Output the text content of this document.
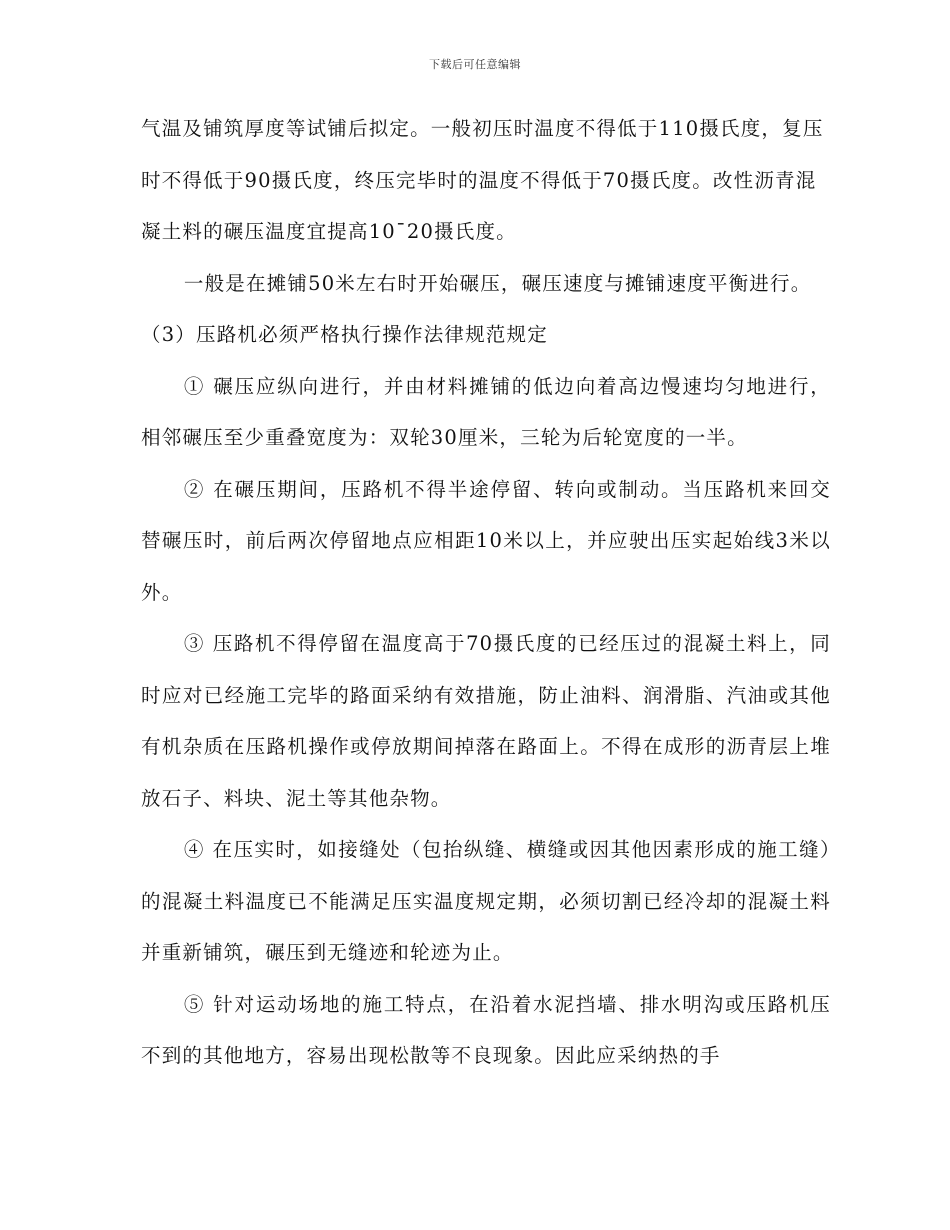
下载后可任意编辑

气温及铺筑厚度等试铺后拟定。一般初压时温度不得低于110摄氏度，复压时不得低于90摄氏度，终压完毕时的温度不得低于70摄氏度。改性沥青混凝土料的碾压温度宜提高10¯20摄氏度。

一般是在摊铺50米左右时开始碾压，碾压速度与摊铺速度平衡进行。

（3）压路机必须严格执行操作法律规范规定

① 碾压应纵向进行，并由材料摊铺的低边向着高边慢速均匀地进行，相邻碾压至少重叠宽度为：双轮30厘米，三轮为后轮宽度的一半。

② 在碾压期间，压路机不得半途停留、转向或制动。当压路机来回交替碾压时，前后两次停留地点应相距10米以上，并应驶出压实起始线3米以外。

③ 压路机不得停留在温度高于70摄氏度的已经压过的混凝土料上，同时应对已经施工完毕的路面采纳有效措施，防止油料、润滑脂、汽油或其他有机杂质在压路机操作或停放期间掉落在路面上。不得在成形的沥青层上堆放石子、料块、泥土等其他杂物。

④ 在压实时，如接缝处（包抬纵缝、横缝或因其他因素形成的施工缝）的混凝土料温度已不能满足压实温度规定期，必须切割已经冷却的混凝土料并重新铺筑，碾压到无缝迹和轮迹为止。

⑤ 针对运动场地的施工特点，在沿着水泥挡墙、排水明沟或压路机压不到的其他地方，容易出现松散等不良现象。因此应采纳热的手
